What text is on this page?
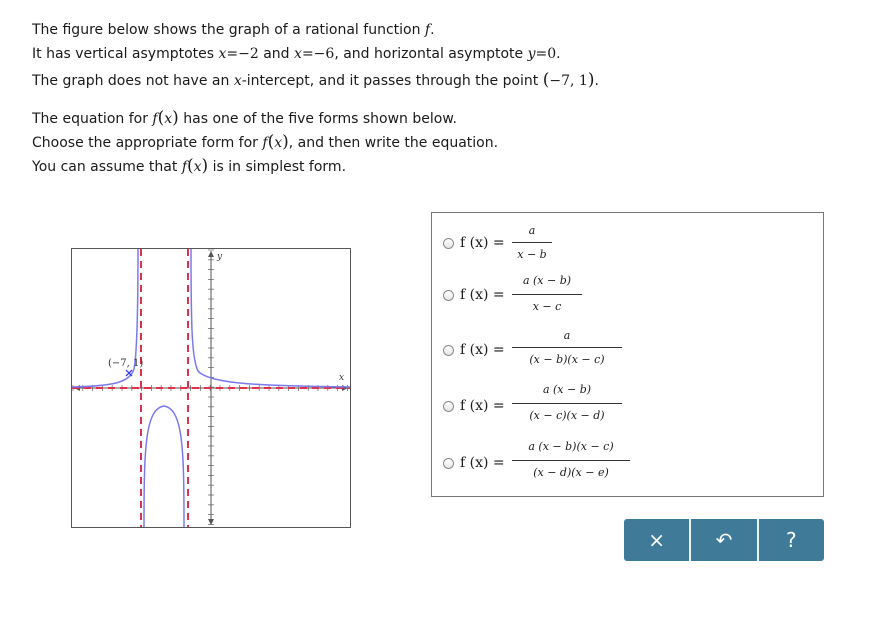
The figure below shows the graph of a rational function f.
It has vertical asymptotes x=−2 and x=−6, and horizontal asymptote y=0.
The graph does not have an x-intercept, and it passes through the point (−7, 1).
The equation for f(x) has one of the five forms shown below.
Choose the appropriate form for f(x), and then write the equation.
You can assume that f(x) is in simplest form.
(−7, 1)
x
y
f (x) =
a
x − b
f (x) =
a (x − b)
x − c
f (x) =
a
(x − b)(x − c)
f (x) =
a (x − b)
(x − c)(x − d)
f (x) =
a (x − b)(x − c)
(x − d)(x − e)
×	↶	?
